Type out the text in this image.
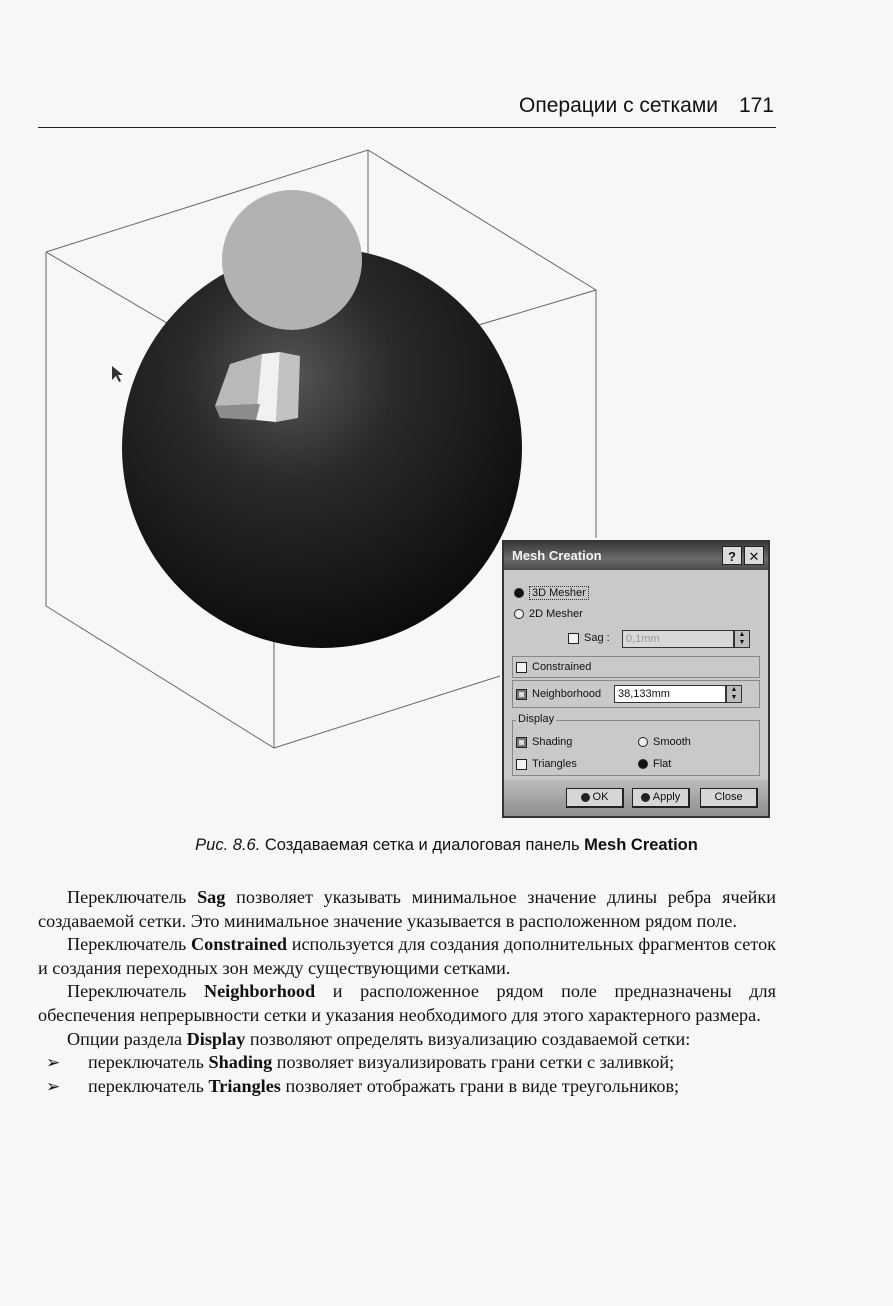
Операции с сетками 171
Mesh Creation	? ✕
3D Mesher
2D Mesher
Sag :	0,1mm	▲
▼
Constrained
Neighborhood	38,133mm	▲
▼
Display
Shading	Smooth
Triangles	Flat
OK	Apply	Close
Рис. 8.6. Создаваемая сетка и диалоговая панель Mesh Creation

Переключатель Sag позволяет указывать минимальное значение длины ребра ячейки создаваемой сетки. Это минимальное значение указывается в расположенном рядом поле.

Переключатель Constrained используется для создания дополнительных фрагментов сеток и создания переходных зон между существующими сетками.

Переключатель Neighborhood и расположенное рядом поле предназначены для обеспечения непрерывности сетки и указания необходимого для этого характерного размера.

Опции раздела Display позволяют определять визуализацию создаваемой сетки:

➢ переключатель Shading позволяет визуализировать грани сетки с заливкой;
➢ переключатель Triangles позволяет отображать грани в виде треугольников;
